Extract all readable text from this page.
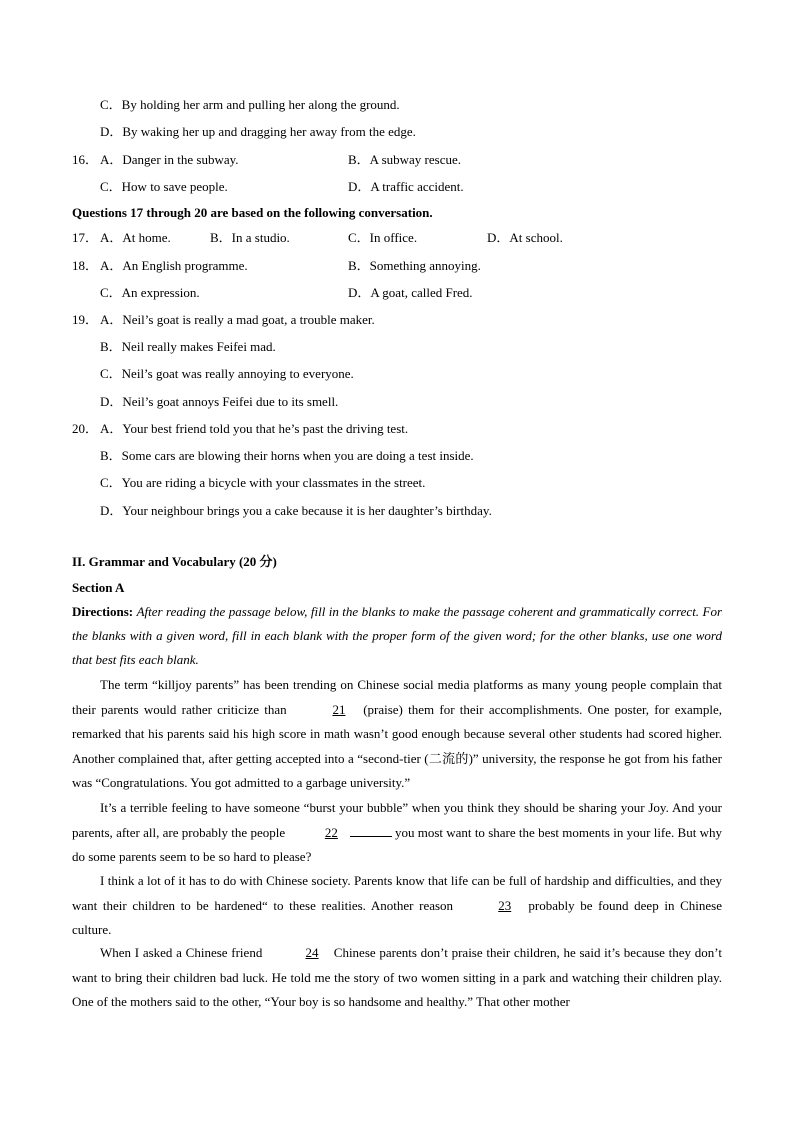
C．By holding her arm and pulling her along the ground.
D．By waking her up and dragging her away from the edge.
16． A．Danger in the subway.	B．A subway rescue.
C．How to save people.	D．A traffic accident.
Questions 17 through 20 are based on the following conversation.
17． A．At home.	B．In a studio.	C．In office.	D．At school.
18． A．An English programme.	B．Something annoying.
C．An expression.	D．A goat, called Fred.
19． A．Neil’s goat is really a mad goat, a trouble maker.
B．Neil really makes Feifei mad.
C．Neil’s goat was really annoying to everyone.
D．Neil’s goat annoys Feifei due to its smell.
20． A．Your best friend told you that he’s past the driving test.
B．Some cars are blowing their horns when you are doing a test inside.
C．You are riding a bicycle with your classmates in the street.
D．Your neighbour brings you a cake because it is her daughter’s birthday.
II. Grammar and Vocabulary (20 分)
Section A
Directions: After reading the passage below, fill in the blanks to make the passage coherent and grammatically correct. For the blanks with a given word, fill in each blank with the proper form of the given word; for the other blanks, use one word that best fits each blank.
The term “killjoy parents” has been trending on Chinese social media platforms as many young people complain that their parents would rather criticize than	21 (praise) them for their accomplishments. One poster, for example, remarked that his parents said his high score in math wasn’t good enough because several other students had scored higher. Another complained that, after getting accepted into a “second-tier (二流的)” university, the response he got from his father was “Congratulations. You got admitted to a garbage university.”
It’s a terrible feeling to have someone “burst your bubble” when you think they should be sharing your Joy. And your parents, after all, are probably the people	22	you most want to share the best moments in your life. But why do some parents seem to be so hard to please?
I think a lot of it has to do with Chinese society. Parents know that life can be full of hardship and difficulties, and they want their children to be hardened“ to these realities. Another reason	23 probably be found deep in Chinese culture.
When I asked a Chinese friend	24 Chinese parents don’t praise their children, he said it’s because they don’t want to bring their children bad luck. He told me the story of two women sitting in a park and watching their children play. One of the mothers said to the other, “Your boy is so handsome and healthy.” That other mother
